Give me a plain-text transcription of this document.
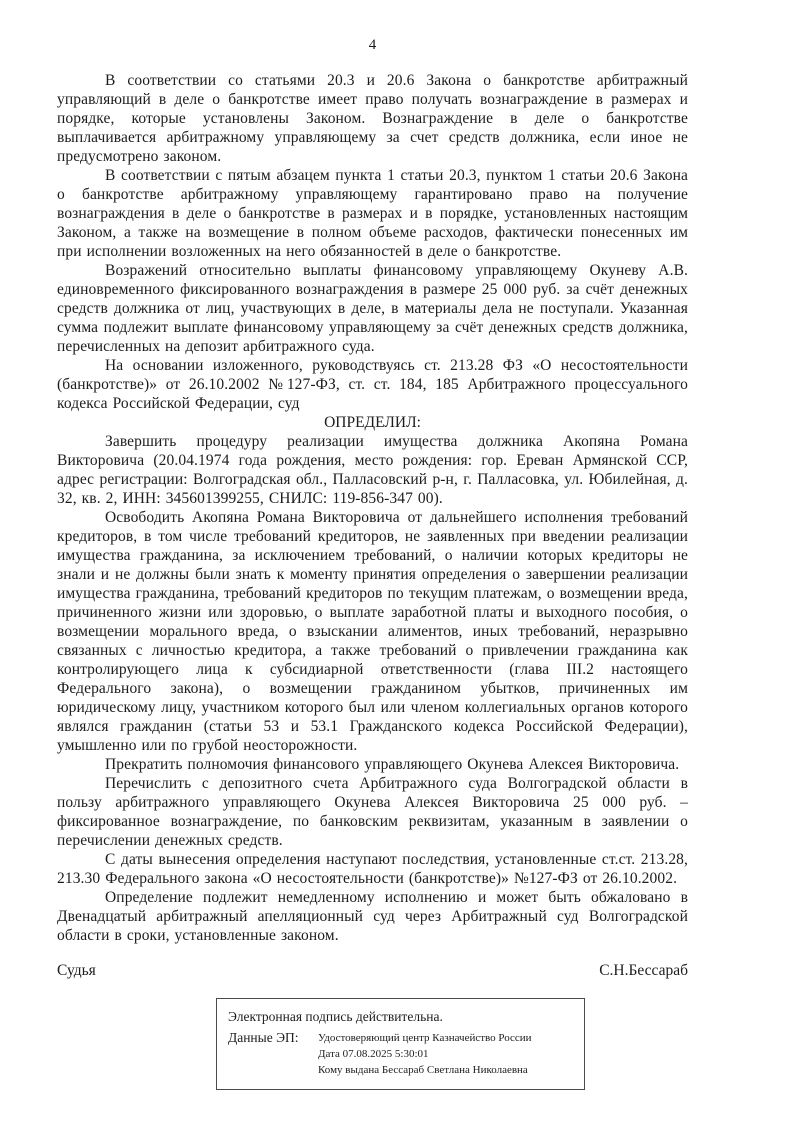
4

В соответствии со статьями 20.3 и 20.6 Закона о банкротстве арбитражный управляющий в деле о банкротстве имеет право получать вознаграждение в размерах и порядке, которые установлены Законом. Вознаграждение в деле о банкротстве выплачивается арбитражному управляющему за счет средств должника, если иное не предусмотрено законом.

В соответствии с пятым абзацем пункта 1 статьи 20.3, пунктом 1 статьи 20.6 Закона о банкротстве арбитражному управляющему гарантировано право на получение вознаграждения в деле о банкротстве в размерах и в порядке, установленных настоящим Законом, а также на возмещение в полном объеме расходов, фактически понесенных им при исполнении возложенных на него обязанностей в деле о банкротстве.

Возражений относительно выплаты финансовому управляющему Окуневу А.В. единовременного фиксированного вознаграждения в размере 25 000 руб. за счёт денежных средств должника от лиц, участвующих в деле, в материалы дела не поступали. Указанная сумма подлежит выплате финансовому управляющему за счёт денежных средств должника, перечисленных на депозит арбитражного суда.

На основании изложенного, руководствуясь ст. 213.28 ФЗ «О несостоятельности (банкротстве)» от 26.10.2002 №127-ФЗ, ст. ст. 184, 185 Арбитражного процессуального кодекса Российской Федерации, суд

ОПРЕДЕЛИЛ:

Завершить процедуру реализации имущества должника Акопяна Романа Викторовича (20.04.1974 года рождения, место рождения: гор. Ереван Армянской ССР, адрес регистрации: Волгоградская обл., Палласовский р-н, г. Палласовка, ул. Юбилейная, д. 32, кв. 2, ИНН: 345601399255, СНИЛС: 119-856-347 00).

Освободить Акопяна Романа Викторовича от дальнейшего исполнения требований кредиторов, в том числе требований кредиторов, не заявленных при введении реализации имущества гражданина, за исключением требований, о наличии которых кредиторы не знали и не должны были знать к моменту принятия определения о завершении реализации имущества гражданина, требований кредиторов по текущим платежам, о возмещении вреда, причиненного жизни или здоровью, о выплате заработной платы и выходного пособия, о возмещении морального вреда, о взыскании алиментов, иных требований, неразрывно связанных с личностью кредитора, а также требований о привлечении гражданина как контролирующего лица к субсидиарной ответственности (глава III.2 настоящего Федерального закона), о возмещении гражданином убытков, причиненных им юридическому лицу, участником которого был или членом коллегиальных органов которого являлся гражданин (статьи 53 и 53.1 Гражданского кодекса Российской Федерации), умышленно или по грубой неосторожности.

Прекратить полномочия финансового управляющего Окунева Алексея Викторовича.

Перечислить с депозитного счета Арбитражного суда Волгоградской области в пользу арбитражного управляющего Окунева Алексея Викторовича 25 000 руб. – фиксированное вознаграждение, по банковским реквизитам, указанным в заявлении о перечислении денежных средств.

С даты вынесения определения наступают последствия, установленные ст.ст. 213.28, 213.30 Федерального закона «О несостоятельности (банкротстве)» №127-ФЗ от 26.10.2002.

Определение подлежит немедленному исполнению и может быть обжаловано в Двенадцатый арбитражный апелляционный суд через Арбитражный суд Волгоградской области в сроки, установленные законом.

Судья	С.Н.Бессараб
Электронная подпись действительна.
Данные ЭП:	Удостоверяющий центр Казначейство России
Дата 07.08.2025 5:30:01
Кому выдана Бессараб Светлана Николаевна
